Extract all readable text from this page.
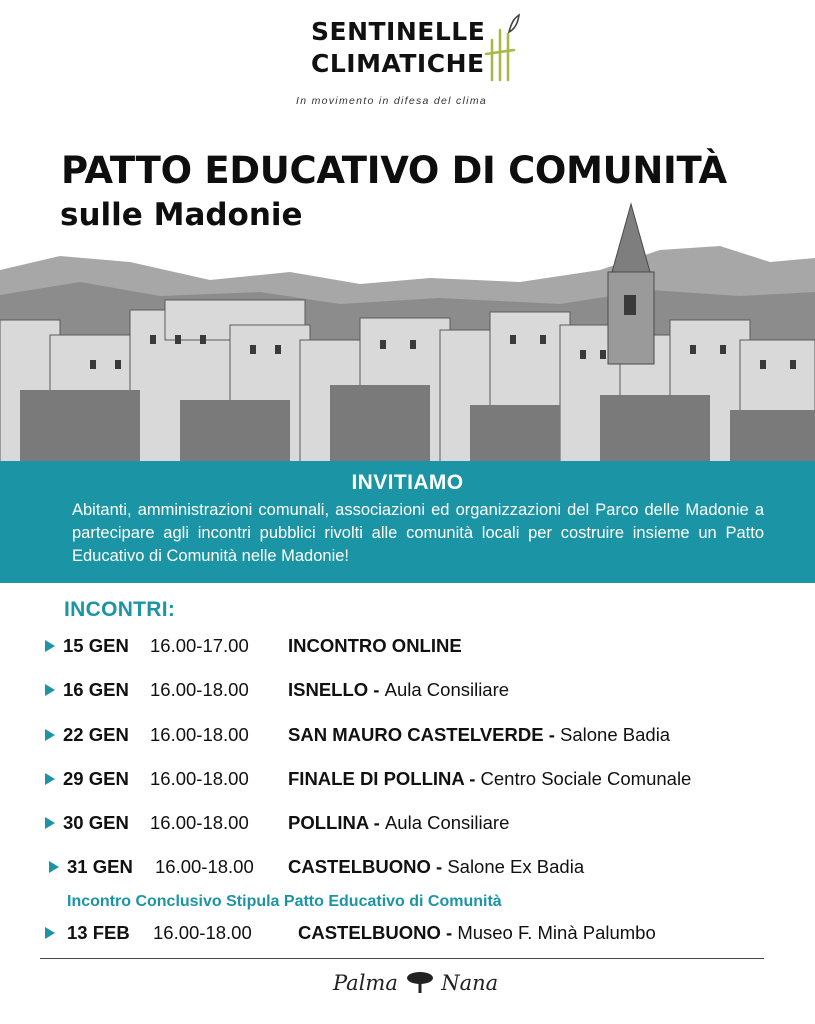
SENTINELLE
CLIMATICHE
In movimento in difesa del clima
PATTO EDUCATIVO DI COMUNITÀ
sulle Madonie
INVITIAMO
Abitanti, amministrazioni comunali, associazioni ed organizzazioni del Parco delle Madonie a partecipare agli incontri pubblici rivolti alle comunità locali per costruire insieme un Patto Educativo di Comunità nelle Madonie!
INCONTRI:
15 GEN 16.00-17.00 INCONTRO ONLINE
16 GEN 16.00-18.00 ISNELLO - Aula Consiliare
22 GEN 16.00-18.00 SAN MAURO CASTELVERDE - Salone Badia
29 GEN 16.00-18.00 FINALE DI POLLINA - Centro Sociale Comunale
30 GEN 16.00-18.00 POLLINA - Aula Consiliare
31 GEN 16.00-18.00 CASTELBUONO - Salone Ex Badia
Incontro Conclusivo Stipula Patto Educativo di Comunità
13 FEB 16.00-18.00 CASTELBUONO - Museo F. Minà Palumbo
Palma Nana
